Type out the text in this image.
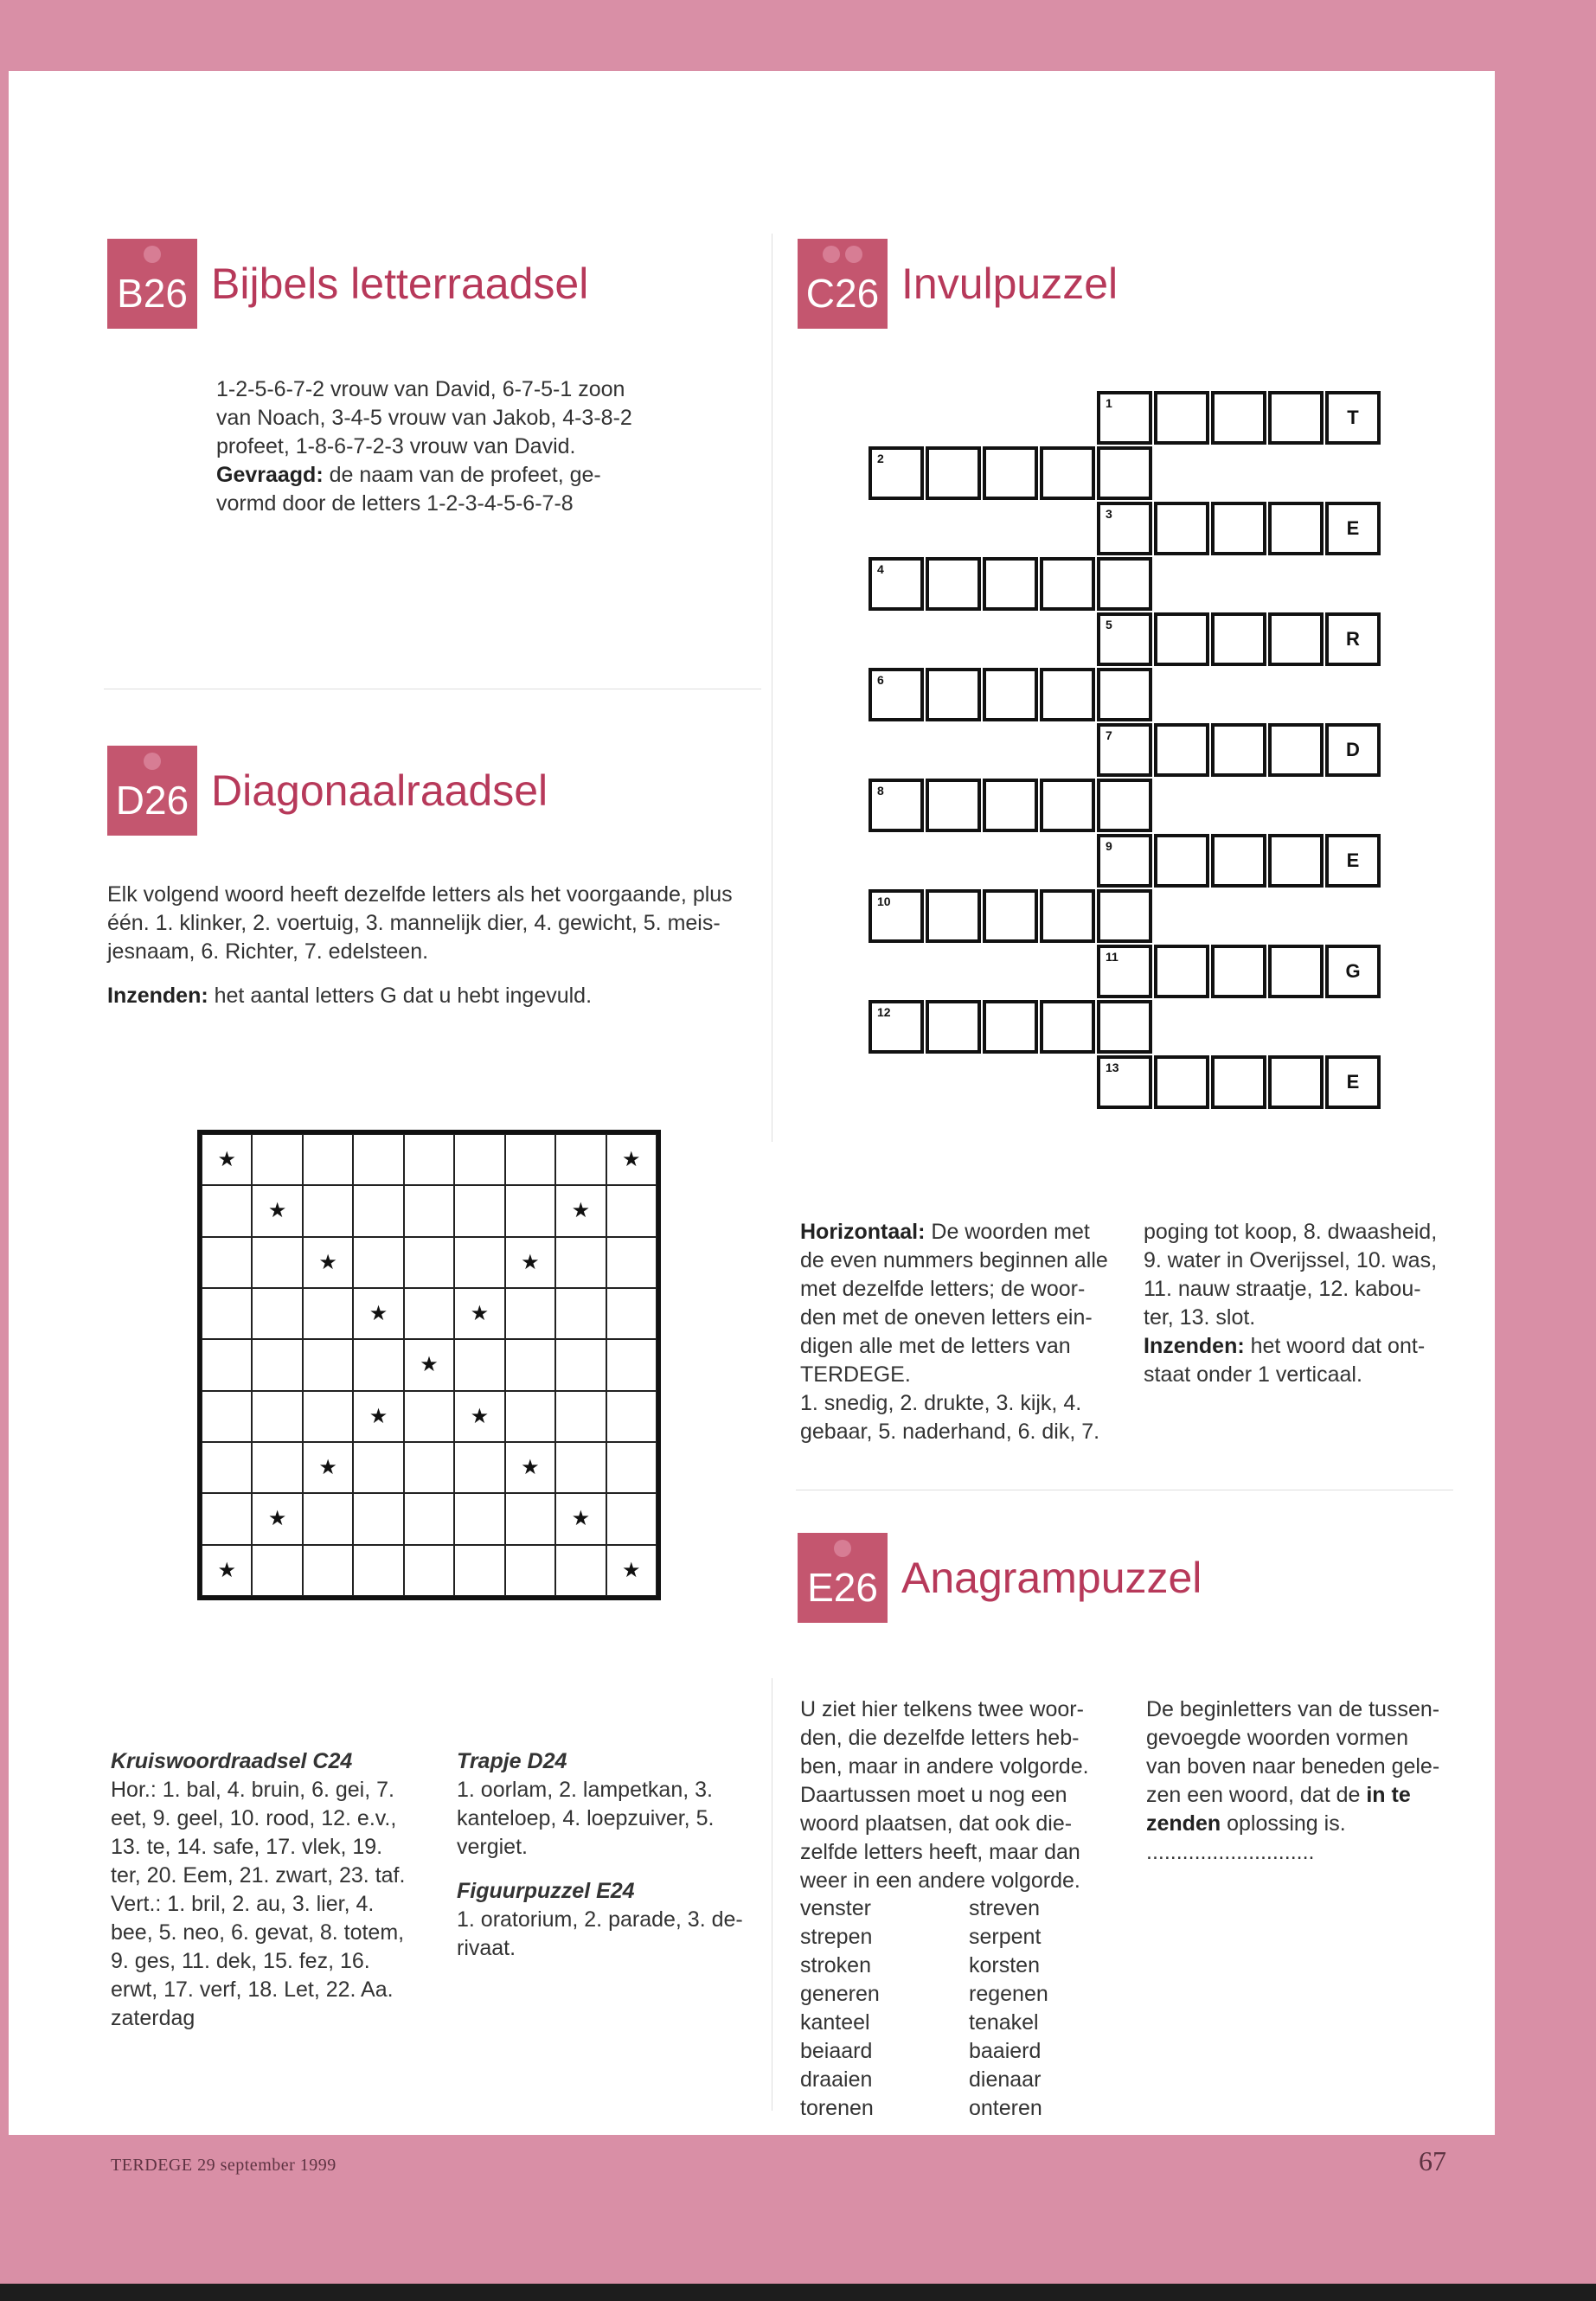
B26 Bijbels letterraadsel
1-2-5-6-7-2 vrouw van David, 6-7-5-1 zoon
van Noach, 3-4-5 vrouw van Jakob, 4-3-8-2
profeet, 1-8-6-7-2-3 vrouw van David.
Gevraagd: de naam van de profeet, ge-
vormd door de letters 1-2-3-4-5-6-7-8
D26 Diagonaalraadsel
Elk volgend woord heeft dezelfde letters als het voorgaande, plus
één. 1. klinker, 2. voertuig, 3. mannelijk dier, 4. gewicht, 5. meis-
jesnaam, 6. Richter, 7. edelsteen.
Inzenden: het aantal letters G dat u hebt ingevuld.
★	★
★	★
★	★
★	★
★
★	★
★	★
★	★
★	★
C26 Invulpuzzel
1
T
2
3
E
4
5
R
6
7
D
8
9
E
10
11
G
12
13
E
Horizontaal: De woorden met
de even nummers beginnen alle
met dezelfde letters; de woor-
den met de oneven letters ein-
digen alle met de letters van
TERDEGE.
1. snedig, 2. drukte, 3. kijk, 4.
gebaar, 5. naderhand, 6. dik, 7.
poging tot koop, 8. dwaasheid,
9. water in Overijssel, 10. was,
11. nauw straatje, 12. kabou-
ter, 13. slot.
Inzenden: het woord dat ont-
staat onder 1 verticaal.
E26 Anagrampuzzel
U ziet hier telkens twee woor-
den, die dezelfde letters heb-
ben, maar in andere volgorde.
Daartussen moet u nog een
woord plaatsen, dat ook die-
zelfde letters heeft, maar dan
weer in een andere volgorde.
venster	streven
strepen	serpent
stroken	korsten
generen	regenen
kanteel	tenakel
beiaard	baaierd
draaien	dienaar
torenen	onteren
De beginletters van de tussen-
gevoegde woorden vormen
van boven naar beneden gele-
zen een woord, dat de in te
zenden oplossing is.
............................
Kruiswoordraadsel C24
Hor.: 1. bal, 4. bruin, 6. gei, 7.
eet, 9. geel, 10. rood, 12. e.v.,
13. te, 14. safe, 17. vlek, 19.
ter, 20. Eem, 21. zwart, 23. taf.
Vert.: 1. bril, 2. au, 3. lier, 4.
bee, 5. neo, 6. gevat, 8. totem,
9. ges, 11. dek, 15. fez, 16.
erwt, 17. verf, 18. Let, 22. Aa.
zaterdag
Trapje D24
1. oorlam, 2. lampetkan, 3.
kanteloep, 4. loepzuiver, 5.
vergiet.
Figuurpuzzel E24
1. oratorium, 2. parade, 3. de-
rivaat.
TERDEGE 29 september 1999	67
